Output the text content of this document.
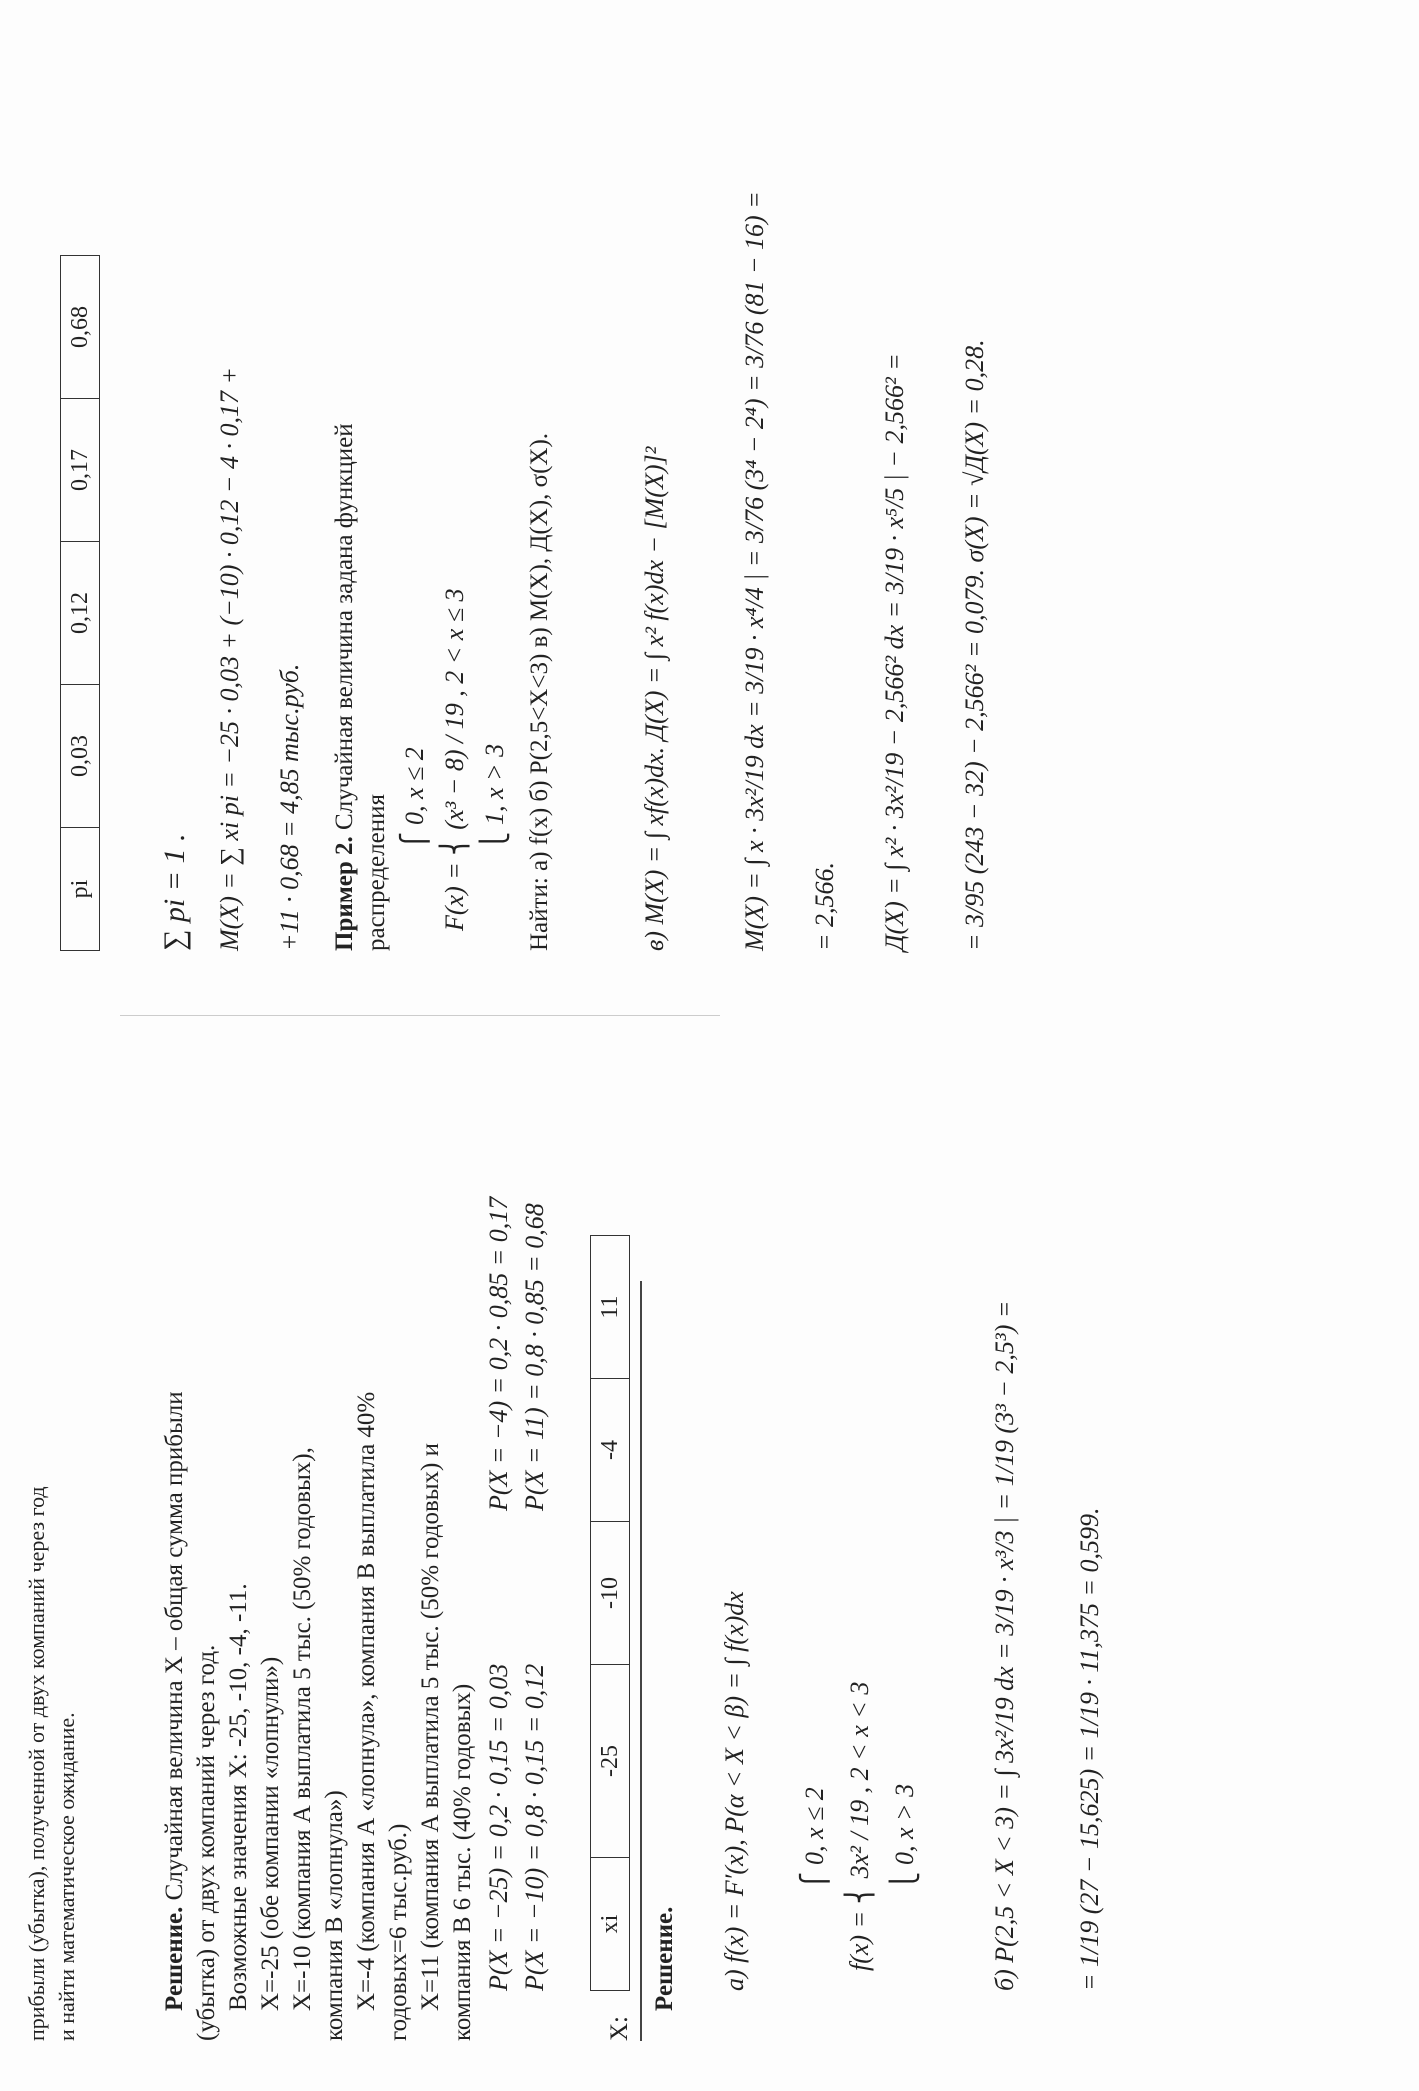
прибыли (убытка), полученной от двух компаний через год и найти математическое ожидание.	Решение. Случайная величина X – общая сумма прибыли (убытка) от двух компаний через год. Возможные значения X: -25, -10, -4, -11. X=-25 (обе компании «лопнули») X=-10 (компания А выплатила 5 тыс. (50% годовых), компания В «лопнула») X=-4 (компания А «лопнула», компания В выплатила 40% годовых=6 тыс.руб.) X=11 (компания А выплатила 5 тыс. (50% годовых) и компания В 6 тыс. (40% годовых) P(X = −25) = 0,2 · 0,15 = 0,03
P(X = −4) = 0,2 · 0,85 = 0,17
P(X = −10) = 0,8 · 0,15 = 0,12
P(X = 11) = 0,8 · 0,85 = 0,68
X:
xi	-25	-10	-4	11
Решение. а) f(x) = F′(x), P(α < X < β) = ∫ f(x)dx ⎧ 0, x ≤ 2 f(x) = ⎨ 3x² / 19 , 2 < x < 3 ⎩ 0, x > 3	б) P(2,5 < X < 3) = ∫ 3x²/19 dx = 3/19 · x³/3 | = 1/19 (3³ − 2,5³) = = 1/19 (27 − 15,625) = 1/19 · 11,375 = 0,599.
pi	0,03	0,12	0,17	0,68
∑ pi = 1 . M(X) = ∑ xi pi = −25 · 0,03 + (−10) · 0,12 − 4 · 0,17 + +11 · 0,68 = 4,85 тыс.руб. Пример 2. Случайная величина задана функцией
распределения ⎧ 0, x ≤ 2 F(x) = ⎨ (x³ − 8) / 19 , 2 < x ≤ 3 ⎩ 1, x > 3 Найти: а) f(x) б) P(2,5<X<3) в) M(X), Д(X), σ(X).	в) M(X) = ∫ xf(x)dx. Д(X) = ∫ x² f(x)dx − [M(X)]²	M(X) = ∫ x · 3x²/19 dx = 3/19 · x⁴/4 | = 3/76 (3⁴ − 2⁴) = 3/76 (81 − 16) = = 2,566. Д(X) = ∫ x² · 3x²/19 − 2,566² dx = 3/19 · x⁵/5 | − 2,566² = = 3/95 (243 − 32) − 2,566² = 0,079. σ(X) = √Д(X) = 0,28.
